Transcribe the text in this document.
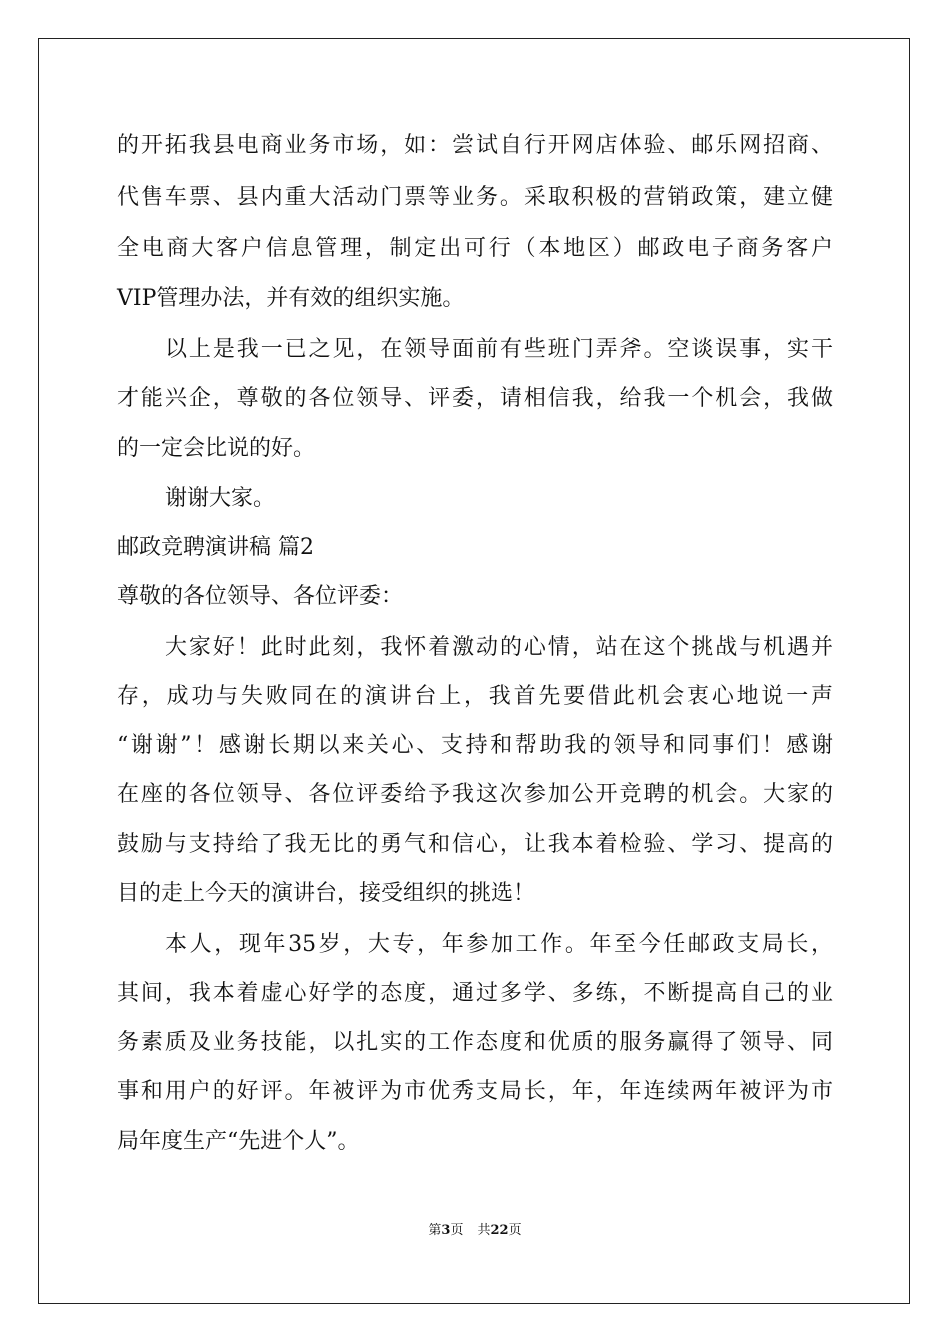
的开拓我县电商业务市场，如：尝试自行开网店体验、邮乐网招商、
代售车票、县内重大活动门票等业务。采取积极的营销政策，建立健
全电商大客户信息管理，制定出可行（本地区）邮政电子商务客户
VIP管理办法，并有效的组织实施。
以上是我一已之见，在领导面前有些班门弄斧。空谈误事，实干
才能兴企，尊敬的各位领导、评委，请相信我，给我一个机会，我做
的一定会比说的好。
谢谢大家。
邮政竞聘演讲稿 篇2
尊敬的各位领导、各位评委：
大家好！此时此刻，我怀着激动的心情，站在这个挑战与机遇并
存，成功与失败同在的演讲台上，我首先要借此机会衷心地说一声
“谢谢”！感谢长期以来关心、支持和帮助我的领导和同事们！感谢
在座的各位领导、各位评委给予我这次参加公开竞聘的机会。大家的
鼓励与支持给了我无比的勇气和信心，让我本着检验、学习、提高的
目的走上今天的演讲台，接受组织的挑选！
本人，现年35岁，大专，年参加工作。年至今任邮政支局长，
其间，我本着虚心好学的态度，通过多学、多练，不断提高自己的业
务素质及业务技能，以扎实的工作态度和优质的服务赢得了领导、同
事和用户的好评。年被评为市优秀支局长，年，年连续两年被评为市
局年度生产“先进个人”。
第3页 共22页
